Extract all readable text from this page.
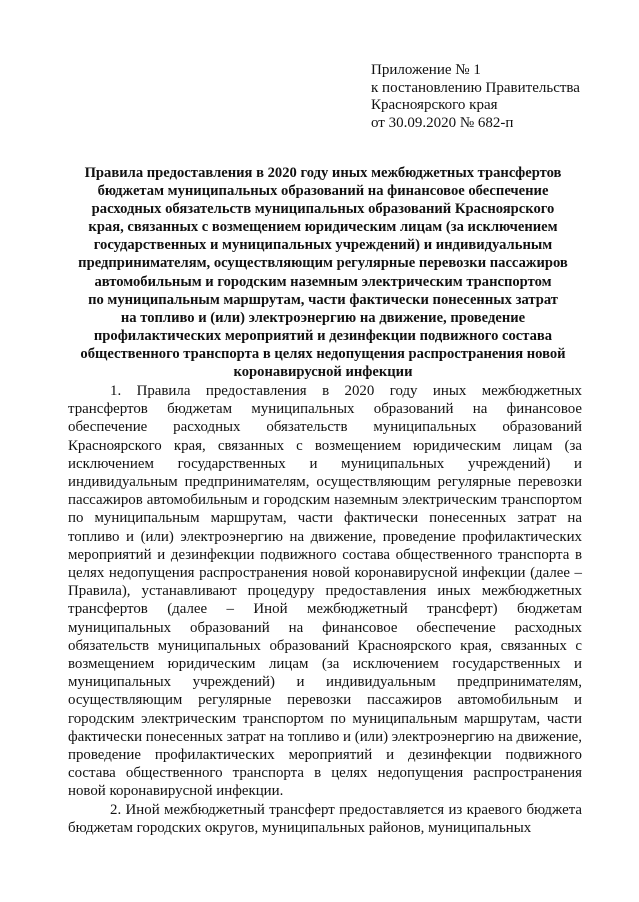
Приложение № 1
к постановлению Правительства
Красноярского края
от 30.09.2020 № 682-п
Правила предоставления в 2020 году иных межбюджетных трансфертов
бюджетам муниципальных образований на финансовое обеспечение
расходных обязательств муниципальных образований Красноярского
края, связанных с возмещением юридическим лицам (за исключением
государственных и муниципальных учреждений) и индивидуальным
предпринимателям, осуществляющим регулярные перевозки пассажиров
автомобильным и городским наземным электрическим транспортом
по муниципальным маршрутам, части фактически понесенных затрат
на топливо и (или) электроэнергию на движение, проведение
профилактических мероприятий и дезинфекции подвижного состава
общественного транспорта в целях недопущения распространения новой
коронавирусной инфекции

1. Правила предоставления в 2020 году иных межбюджетных трансфертов бюджетам муниципальных образований на финансовое обеспечение расходных обязательств муниципальных образований Красноярского края, связанных с возмещением юридическим лицам (за исключением государственных и муниципальных учреждений) и индивидуальным предпринимателям, осуществляющим регулярные перевозки пассажиров автомобильным и городским наземным электрическим транспортом по муниципальным маршрутам, части фактически понесенных затрат на топливо и (или) электроэнергию на движение, проведение профилактических мероприятий и дезинфекции подвижного состава общественного транспорта в целях недопущения распространения новой коронавирусной инфекции (далее – Правила), устанавливают процедуру предоставления иных межбюджетных трансфертов (далее – Иной межбюджетный трансферт) бюджетам муниципальных образований на финансовое обеспечение расходных обязательств муниципальных образований Красноярского края, связанных с возмещением юридическим лицам (за исключением государственных и муниципальных учреждений) и индивидуальным предпринимателям, осуществляющим регулярные перевозки пассажиров автомобильным и городским электрическим транспортом по муниципальным маршрутам, части фактически понесенных затрат на топливо и (или) электроэнергию на движение, проведение профилактических мероприятий и дезинфекции подвижного состава общественного транспорта в целях недопущения распространения новой коронавирусной инфекции.

2. Иной межбюджетный трансферт предоставляется из краевого бюджета бюджетам городских округов, муниципальных районов, муниципальных
